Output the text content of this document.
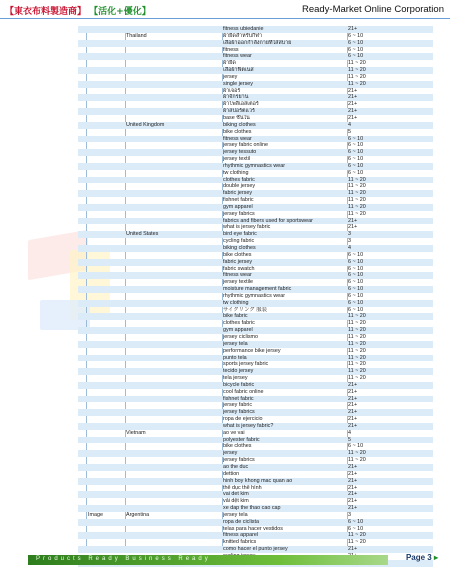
【東衣布料製造商】 【活化+優化】	Ready-Market Online Corporation
fitness ubiedanie	21+
Thailand	ผ้ายืดสำหรับกีฬา	6 ~ 10
เสื้อผ้าออกกำลังกายที่ใส่สบาย	6 ~ 10
fitness	6 ~ 10
fitness wear	6 ~ 10
ผ้ายืด	11 ~ 20
เสื้อผ้าฟิตเนส	11 ~ 20
jersey	11 ~ 20
single jersey	11 ~ 20
ผ้าเจอร์	21+
ผ้าจักรยาน	21+
ผ้าโพลีเอสเตอร์	21+
ผ้าสปอร์ตแวร์	21+
base ชั้นใน	21+
United Kingdom	biking clothes	4
bike clothes	5
fitness wear	6 ~ 10
jersey fabric online	6 ~ 10
jersey tessuto	6 ~ 10
jersey textil	6 ~ 10
rhythmic gymnastics wear	6 ~ 10
tw clothing	6 ~ 10
clothes fabric	11 ~ 20
double jersey	11 ~ 20
fabric jersey	11 ~ 20
fishnet fabric	11 ~ 20
gym apparel	11 ~ 20
jersey fabrics	11 ~ 20
fabrics and fibers used for sportswear	21+
what is jersey fabric	21+
United States	bird eye fabric	3
cycling fabric	3
biking clothes	4
bike clothes	6 ~ 10
fabric jersey	6 ~ 10
fabric swatch	6 ~ 10
fitness wear	6 ~ 10
jersey textile	6 ~ 10
moisture management fabric	6 ~ 10
rhythmic gymnastics wear	6 ~ 10
tw clothing	6 ~ 10
サイクリング 服装	6 ~ 10
bike fabric	11 ~ 20
clothes fabric	11 ~ 20
gym apparel	11 ~ 20
jersey ciclismo	11 ~ 20
jersey tela	11 ~ 20
performance bike jersey	11 ~ 20
punto tela	11 ~ 20
sports jersey fabric	11 ~ 20
tecido jersey	11 ~ 20
tela jersey	11 ~ 20
bicycle fabric	21+
cool fabric online	21+
fishnet fabric	21+
jersey fabric	21+
jersey fabrics	21+
ropa de ejercicio	21+
what is jersey fabric?	21+
Vietnam	ao ve vai	4
polyester fabric	5
bike clothes	6 ~ 10
jersey	11 ~ 20
jersey fabrics	11 ~ 20
ao the duc	21+
dettion	21+
hinh boy khong mac quan ao	21+
thể dục thể hình	21+
vai det kim	21+
vải dệt kim	21+
xe dap the thao cao cap	21+
Image	Argentina	jersey tela	3
ropa de ciclista	6 ~ 10
telas para hacer vestidos	6 ~ 10
fitness apparel	11 ~ 20
knitted fabrics	11 ~ 20
como hacer el punto jersey	21+
Products Ready Business Ready	Page 3 ▸
